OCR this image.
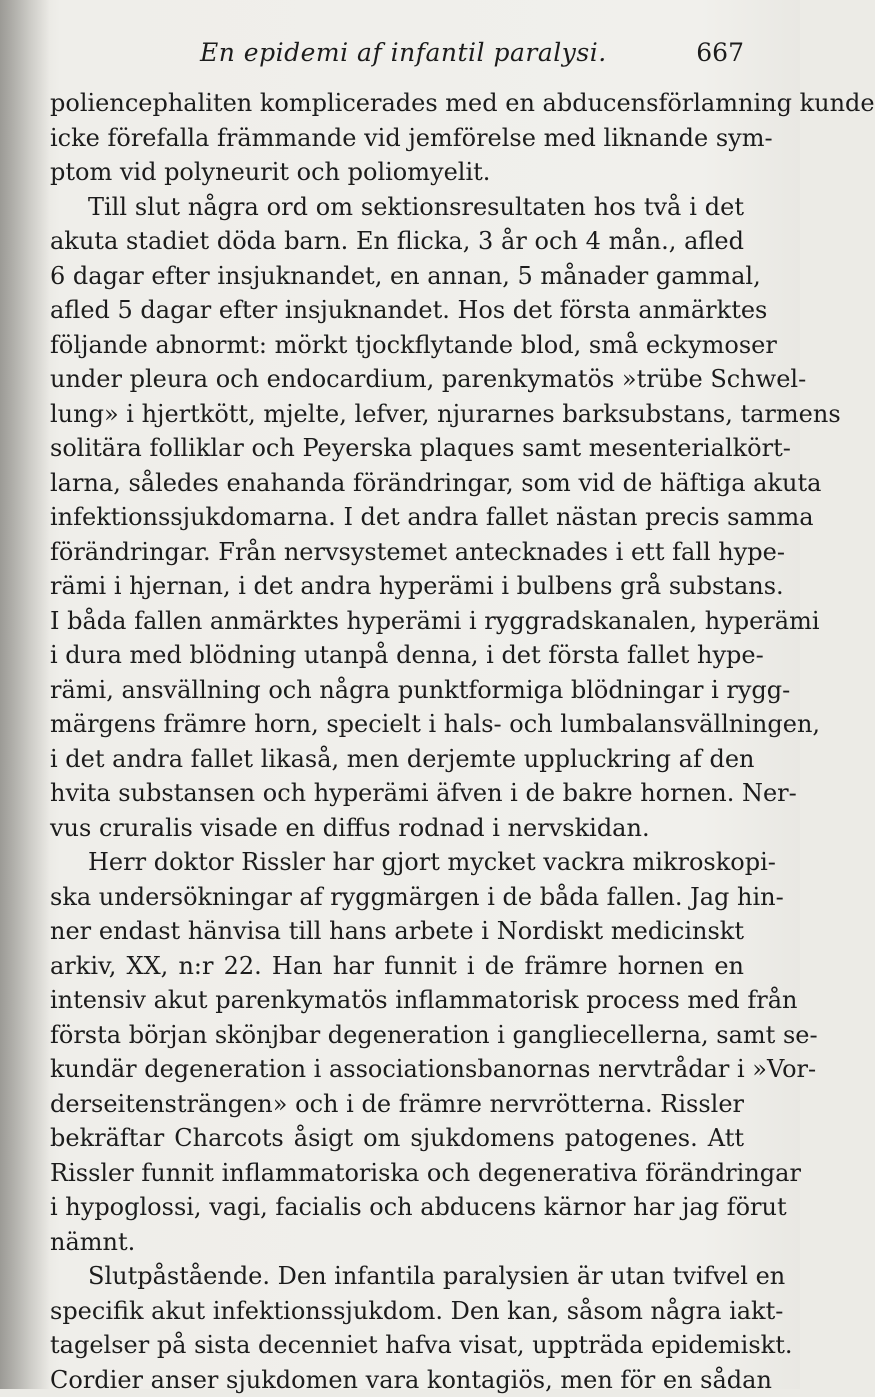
En epidemi af infantil paralysi.	667
poliencephaliten komplicerades med en abducensförlamning kunde
icke förefalla främmande vid jemförelse med liknande sym-
ptom vid polyneurit och poliomyelit.
Till slut några ord om sektionsresultaten hos två i det
akuta stadiet döda barn. En flicka, 3 år och 4 mån., afled
6 dagar efter insjuknandet, en annan, 5 månader gammal,
afled 5 dagar efter insjuknandet. Hos det första anmärktes
följande abnormt: mörkt tjockflytande blod, små eckymoser
under pleura och endocardium, parenkymatös »trübe Schwel-
lung» i hjertkött, mjelte, lefver, njurarnes barksubstans, tarmens
solitära folliklar och Peyerska plaques samt mesenterialkört-
larna, således enahanda förändringar, som vid de häftiga akuta
infektionssjukdomarna. I det andra fallet nästan precis samma
förändringar. Från nervsystemet antecknades i ett fall hype-
rämi i hjernan, i det andra hyperämi i bulbens grå substans.
I båda fallen anmärktes hyperämi i ryggradskanalen, hyperämi
i dura med blödning utanpå denna, i det första fallet hype-
rämi, ansvällning och några punktformiga blödningar i rygg-
märgens främre horn, specielt i hals- och lumbalansvällningen,
i det andra fallet likaså, men derjemte uppluckring af den
hvita substansen och hyperämi äfven i de bakre hornen. Ner-
vus cruralis visade en diffus rodnad i nervskidan.
Herr doktor Rissler har gjort mycket vackra mikroskopi-
ska undersökningar af ryggmärgen i de båda fallen. Jag hin-
ner endast hänvisa till hans arbete i Nordiskt medicinskt
arkiv, XX, n:r 22. Han har funnit i de främre hornen en
intensiv akut parenkymatös inflammatorisk process med från
första början skönjbar degeneration i gangliecellerna, samt se-
kundär degeneration i associationsbanornas nervtrådar i »Vor-
derseitensträngen» och i de främre nervrötterna. Rissler
bekräftar Charcots åsigt om sjukdomens patogenes. Att
Rissler funnit inflammatoriska och degenerativa förändringar
i hypoglossi, vagi, facialis och abducens kärnor har jag förut
nämnt.
Slutpåstående. Den infantila paralysien är utan tvifvel en
specifik akut infektionssjukdom. Den kan, såsom några iakt-
tagelser på sista decenniet hafva visat, uppträda epidemiskt.
Cordier anser sjukdomen vara kontagiös, men för en sådan
